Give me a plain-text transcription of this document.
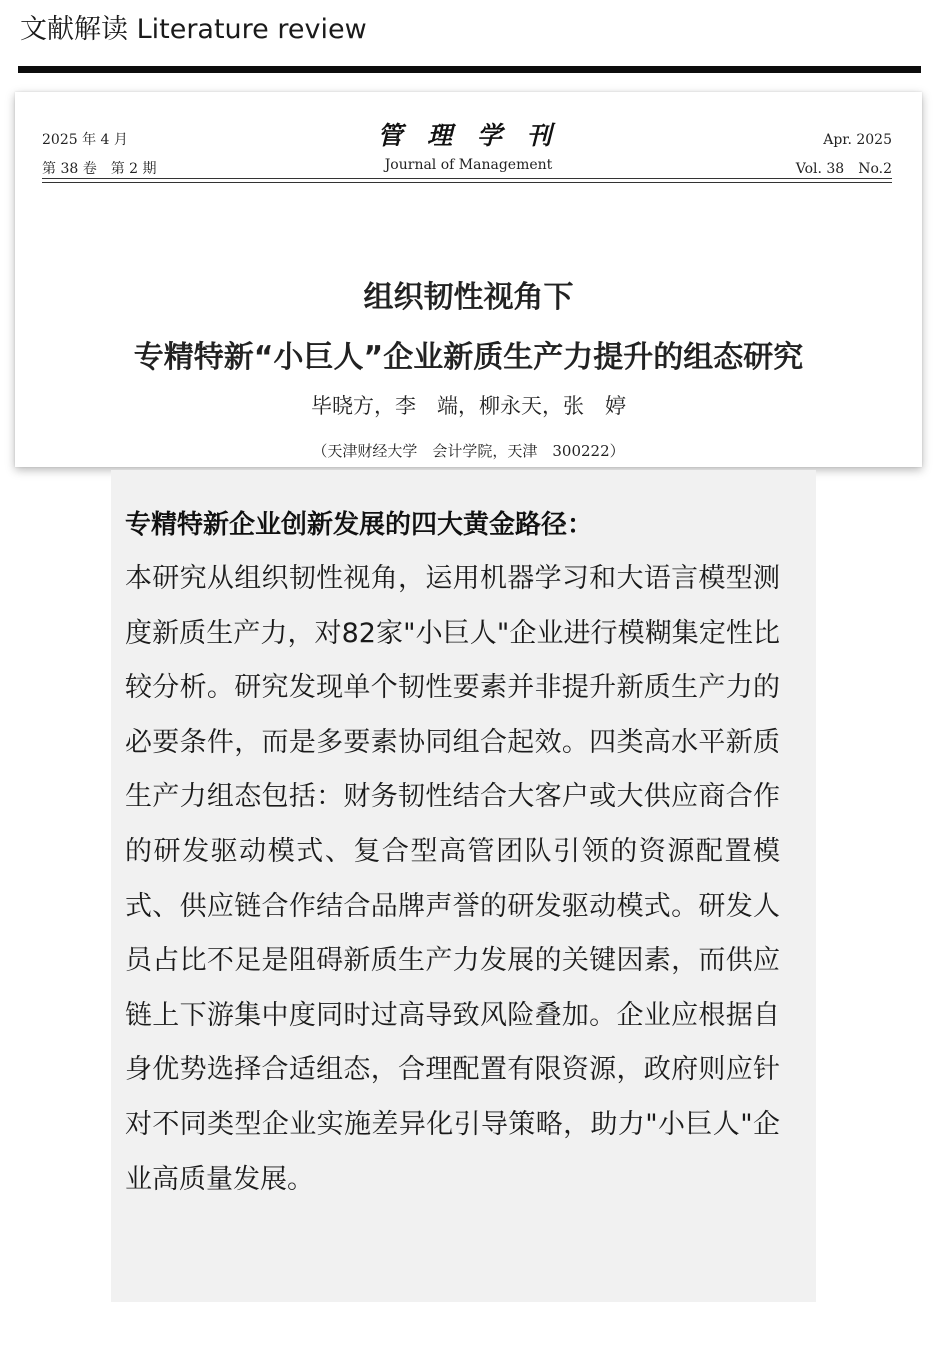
文献解读 Literature review
2025 年 4 月
第 38 卷　第 2 期
管 理 学 刊
Journal of Management
Apr. 2025
Vol. 38　No.2
组织韧性视角下
专精特新“小巨人”企业新质生产力提升的组态研究
毕晓方，李　端，柳永天，张　婷
（天津财经大学　会计学院，天津　300222）
专精特新企业创新发展的四大黄金路径：
本研究从组织韧性视角，运用机器学习和大语言模型测度新质生产力，对82家"小巨人"企业进行模糊集定性比较分析。研究发现单个韧性要素并非提升新质生产力的必要条件，而是多要素协同组合起效。四类高水平新质生产力组态包括：财务韧性结合大客户或大供应商合作的研发驱动模式、复合型高管团队引领的资源配置模式、供应链合作结合品牌声誉的研发驱动模式。研发人员占比不足是阻碍新质生产力发展的关键因素，而供应链上下游集中度同时过高导致风险叠加。企业应根据自身优势选择合适组态，合理配置有限资源，政府则应针对不同类型企业实施差异化引导策略，助力"小巨人"企业高质量发展。
